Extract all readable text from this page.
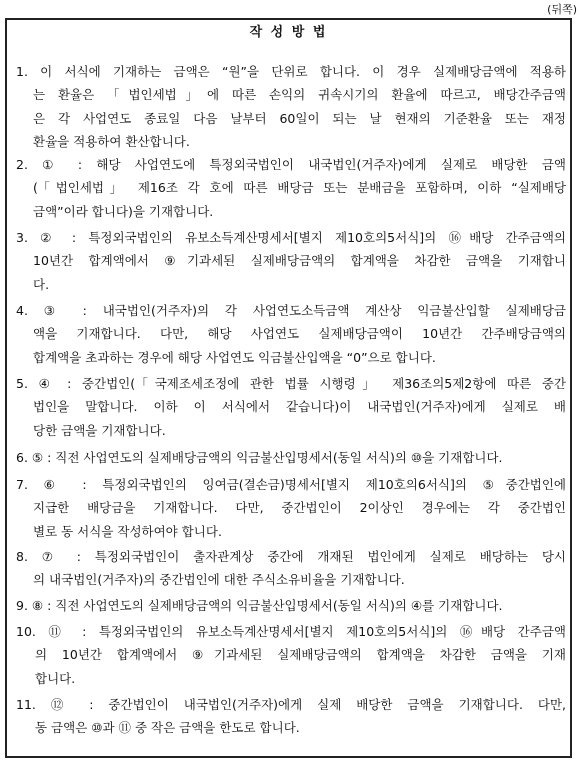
(뒤쪽)
작 성 방 법
1. 이 서식에 기재하는 금액은 “원”을 단위로 합니다. 이 경우 실제배당금액에 적용하
는 환율은 「법인세법」에 따른 손익의 귀속시기의 환율에 따르고, 배당간주금액
은 각 사업연도 종료일 다음 날부터 60일이 되는 날 현재의 기준환율 또는 재정
환율을 적용하여 환산합니다.
2. ① : 해당 사업연도에 특정외국법인이 내국법인(거주자)에게 실제로 배당한 금액
(「법인세법」 제16조 각 호에 따른 배당금 또는 분배금을 포함하며, 이하 “실제배당
금액”이라 합니다)을 기재합니다.
3. ② : 특정외국법인의 유보소득계산명세서[별지 제10호의5서식]의 ⑯배당 간주금액의
10년간 합계액에서 ⑨기과세된 실제배당금액의 합계액을 차감한 금액을 기재합니
다.
4. ③ : 내국법인(거주자)의 각 사업연도소득금액 계산상 익금불산입할 실제배당금
액을 기재합니다. 다만, 해당 사업연도 실제배당금액이 10년간 간주배당금액의
합계액을 초과하는 경우에 해당 사업연도 익금불산입액을 “0”으로 합니다.
5. ④ : 중간법인(「국제조세조정에 관한 법률 시행령」 제36조의5제2항에 따른 중간
법인을 말합니다. 이하 이 서식에서 같습니다)이 내국법인(거주자)에게 실제로 배
당한 금액을 기재합니다.
6. ⑤ : 직전 사업연도의 실제배당금액의 익금불산입명세서(동일 서식)의 ⑩을 기재합니다.
7. ⑥ : 특정외국법인의 잉여금(결손금)명세서[별지 제10호의6서식]의 ⑤중간법인에
지급한 배당금을 기재합니다. 다만, 중간법인이 2이상인 경우에는 각 중간법인
별로 동 서식을 작성하여야 합니다.
8. ⑦ : 특정외국법인이 출자관계상 중간에 개재된 법인에게 실제로 배당하는 당시
의 내국법인(거주자)의 중간법인에 대한 주식소유비율을 기재합니다.
9. ⑧ : 직전 사업연도의 실제배당금액의 익금불산입명세서(동일 서식)의 ④를 기재합니다.
10. ⑪ : 특정외국법인의 유보소득계산명세서[별지 제10호의5서식]의 ⑯배당 간주금액
의 10년간 합계액에서 ⑨기과세된 실제배당금액의 합계액을 차감한 금액을 기재
합니다.
11. ⑫ : 중간법인이 내국법인(거주자)에게 실제 배당한 금액을 기재합니다. 다만,
동 금액은 ⑩과 ⑪ 중 작은 금액을 한도로 합니다.
